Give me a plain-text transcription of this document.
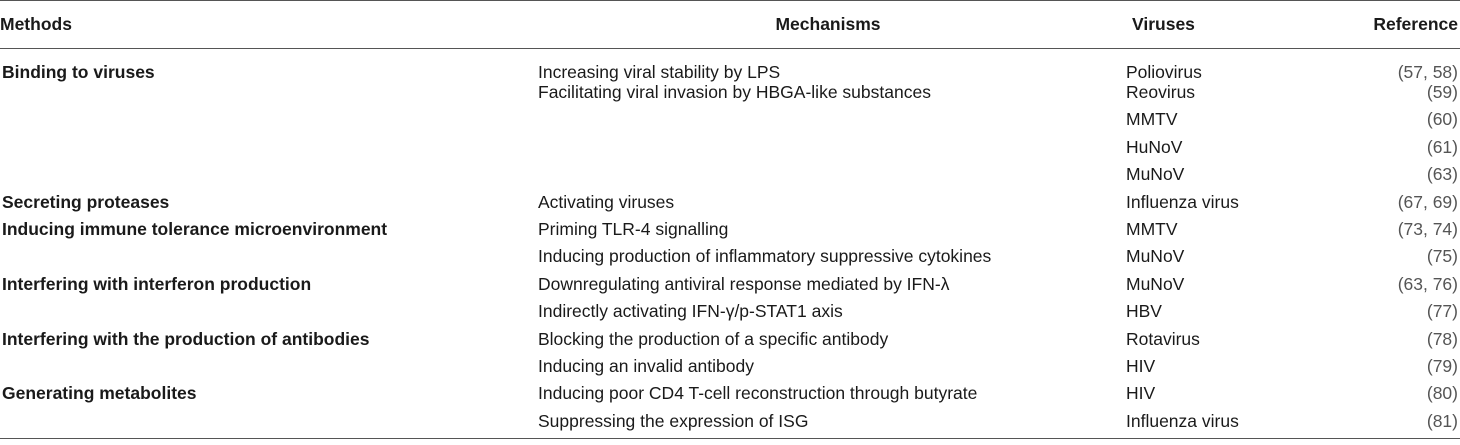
Methods	Mechanisms	Viruses	Reference
Binding to viruses	Increasing viral stability by LPS	Poliovirus	(57, 58)
	Facilitating viral invasion by HBGA-like substances	Reovirus	(59)
		MMTV	(60)
		HuNoV	(61)
		MuNoV	(63)
Secreting proteases	Activating viruses	Influenza virus	(67, 69)
Inducing immune tolerance microenvironment	Priming TLR-4 signalling	MMTV	(73, 74)
	Inducing production of inflammatory suppressive cytokines	MuNoV	(75)
Interfering with interferon production	Downregulating antiviral response mediated by IFN-λ	MuNoV	(63, 76)
	Indirectly activating IFN-γ/p-STAT1 axis	HBV	(77)
Interfering with the production of antibodies	Blocking the production of a specific antibody	Rotavirus	(78)
	Inducing an invalid antibody	HIV	(79)
Generating metabolites	Inducing poor CD4 T-cell reconstruction through butyrate	HIV	(80)
	Suppressing the expression of ISG	Influenza virus	(81)
